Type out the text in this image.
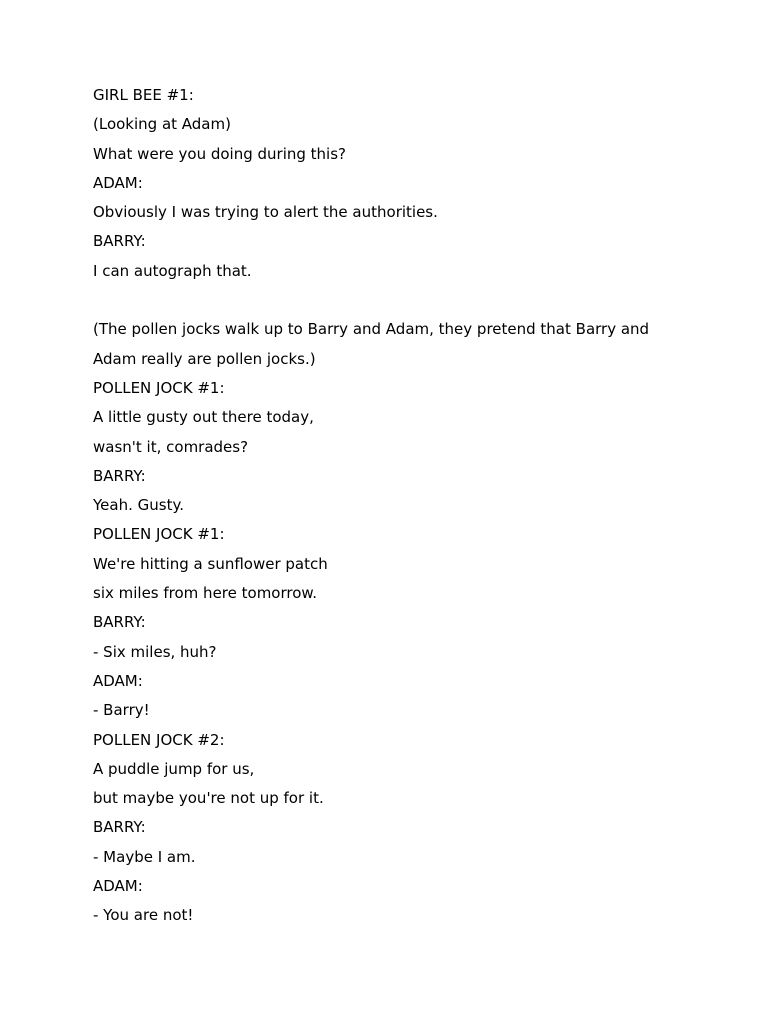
GIRL BEE #1:

(Looking at Adam)

What were you doing during this?

ADAM:

Obviously I was trying to alert the authorities.

BARRY:

I can autograph that.

(The pollen jocks walk up to Barry and Adam, they pretend that Barry and

Adam really are pollen jocks.)

POLLEN JOCK #1:

A little gusty out there today,

wasn't it, comrades?

BARRY:

Yeah. Gusty.

POLLEN JOCK #1:

We're hitting a sunflower patch

six miles from here tomorrow.

BARRY:

- Six miles, huh?

ADAM:

- Barry!

POLLEN JOCK #2:

A puddle jump for us,

but maybe you're not up for it.

BARRY:

- Maybe I am.

ADAM:

- You are not!
